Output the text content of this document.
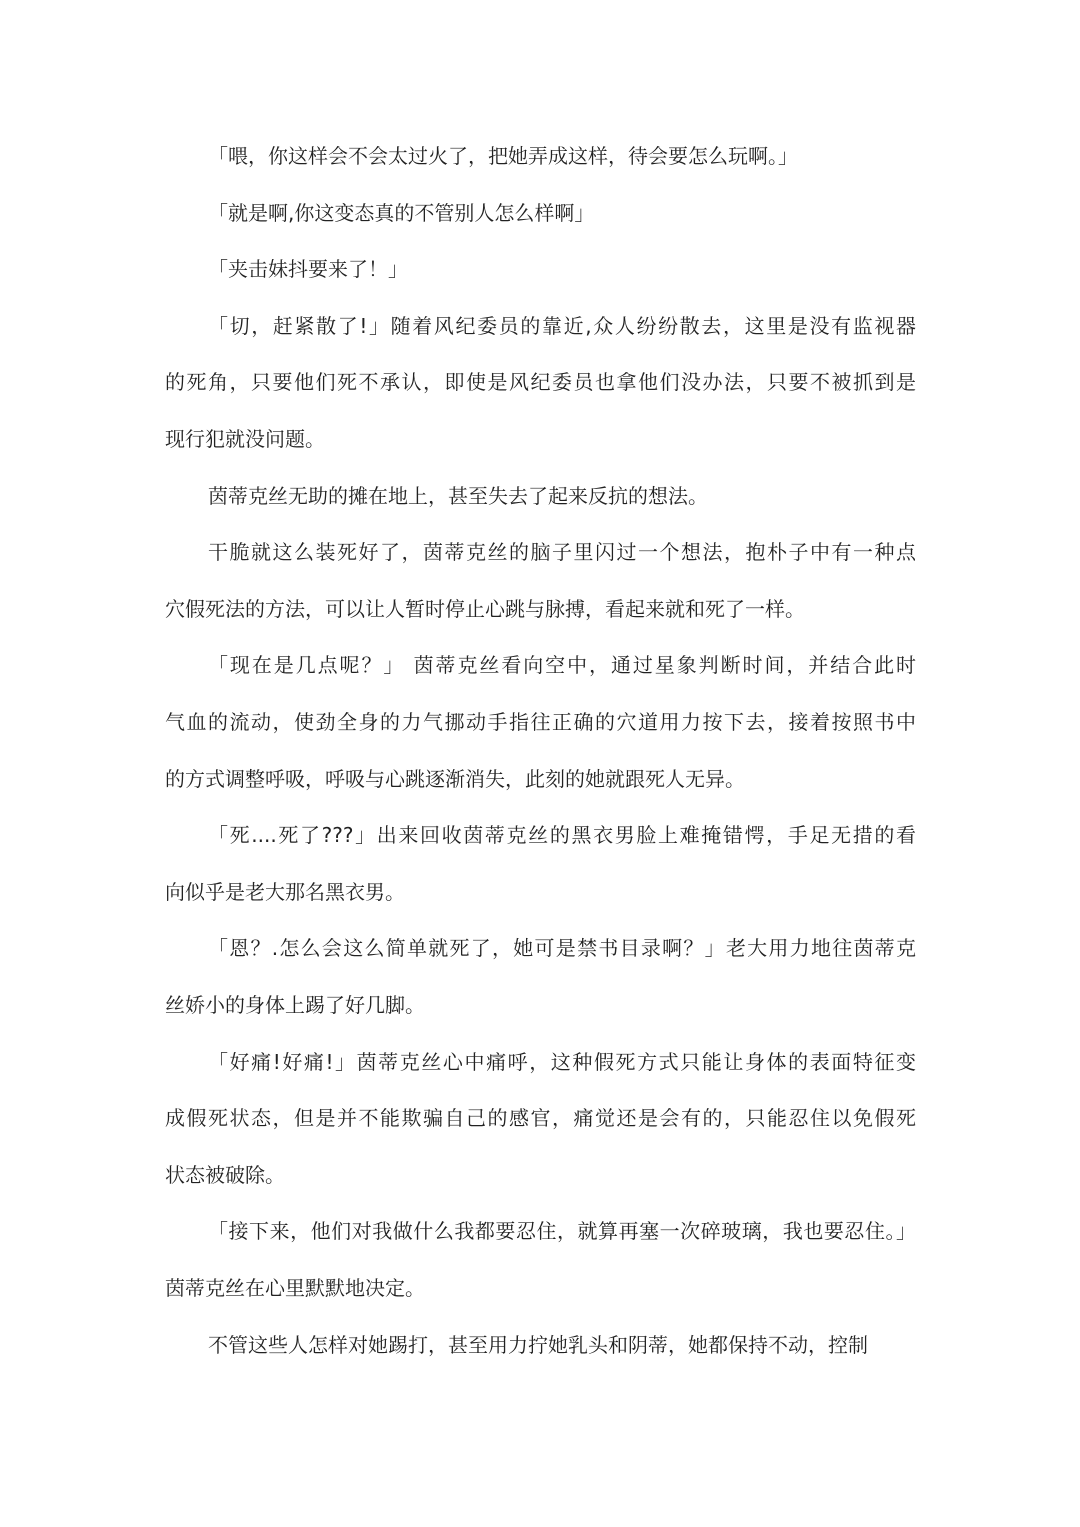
「喂，你这样会不会太过火了，把她弄成这样，待会要怎么玩啊。」
「就是啊,你这变态真的不管别人怎么样啊」
「夹击妹抖要来了！」
「切，赶紧散了!」随着风纪委员的靠近,众人纷纷散去，这里是没有监视器
的死角，只要他们死不承认，即使是风纪委员也拿他们没办法，只要不被抓到是
现行犯就没问题。
茵蒂克丝无助的摊在地上，甚至失去了起来反抗的想法。
干脆就这么装死好了，茵蒂克丝的脑子里闪过一个想法，抱朴子中有一种点
穴假死法的方法，可以让人暂时停止心跳与脉搏，看起来就和死了一样。
「现在是几点呢？」 茵蒂克丝看向空中，通过星象判断时间，并结合此时
气血的流动，使劲全身的力气挪动手指往正确的穴道用力按下去，接着按照书中
的方式调整呼吸，呼吸与心跳逐渐消失，此刻的她就跟死人无异。
「死....死了???」出来回收茵蒂克丝的黑衣男脸上难掩错愕，手足无措的看
向似乎是老大那名黑衣男。
「恩？.怎么会这么简单就死了，她可是禁书目录啊？」老大用力地往茵蒂克
丝娇小的身体上踢了好几脚。
「好痛!好痛!」茵蒂克丝心中痛呼，这种假死方式只能让身体的表面特征变
成假死状态，但是并不能欺骗自己的感官，痛觉还是会有的，只能忍住以免假死
状态被破除。
「接下来，他们对我做什么我都要忍住，就算再塞一次碎玻璃，我也要忍住。」
茵蒂克丝在心里默默地决定。
不管这些人怎样对她踢打，甚至用力拧她乳头和阴蒂，她都保持不动，控制
